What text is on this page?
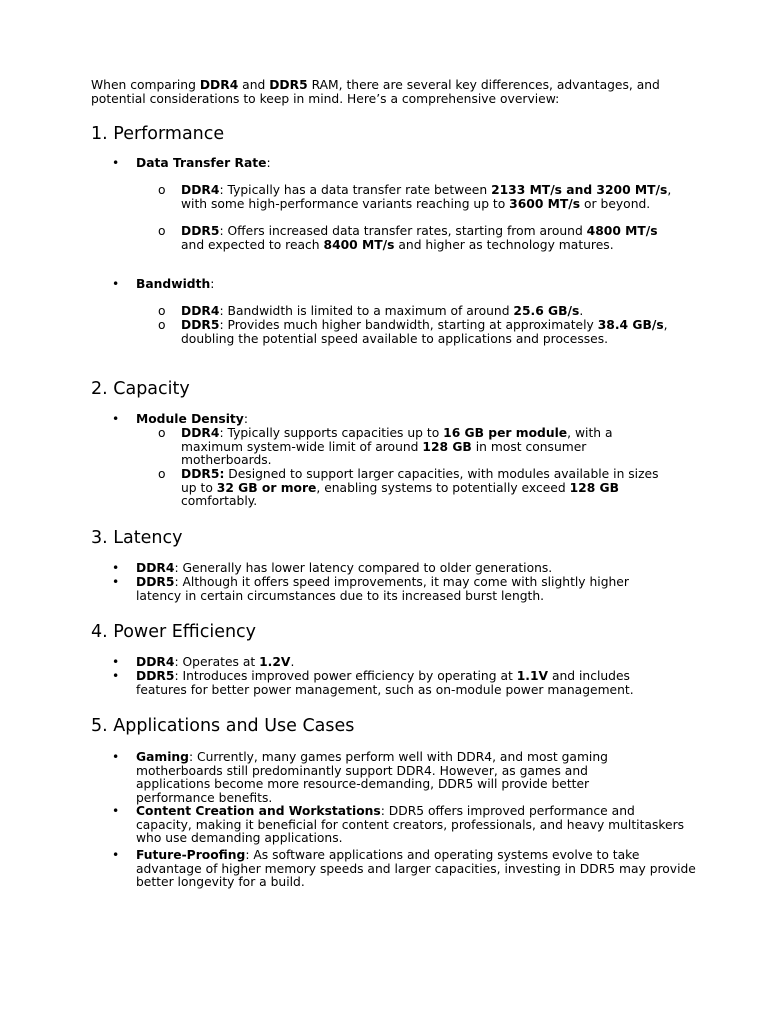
When comparing DDR4 and DDR5 RAM, there are several key differences, advantages, and potential considerations to keep in mind. Here’s a comprehensive overview:

1. Performance
• Data Transfer Rate:
o DDR4: Typically has a data transfer rate between 2133 MT/s and 3200 MT/s, with some high-performance variants reaching up to 3600 MT/s or beyond.
o DDR5: Offers increased data transfer rates, starting from around 4800 MT/s and expected to reach 8400 MT/s and higher as technology matures.
• Bandwidth:
o DDR4: Bandwidth is limited to a maximum of around 25.6 GB/s.
o DDR5: Provides much higher bandwidth, starting at approximately 38.4 GB/s, doubling the potential speed available to applications and processes.
2. Capacity
• Module Density:
o DDR4: Typically supports capacities up to 16 GB per module, with a maximum system-wide limit of around 128 GB in most consumer motherboards.
o DDR5: Designed to support larger capacities, with modules available in sizes up to 32 GB or more, enabling systems to potentially exceed 128 GB comfortably.
3. Latency
• DDR4: Generally has lower latency compared to older generations.
• DDR5: Although it offers speed improvements, it may come with slightly higher latency in certain circumstances due to its increased burst length.
4. Power Efficiency
• DDR4: Operates at 1.2V.
• DDR5: Introduces improved power efficiency by operating at 1.1V and includes features for better power management, such as on-module power management.
5. Applications and Use Cases
• Gaming: Currently, many games perform well with DDR4, and most gaming motherboards still predominantly support DDR4. However, as games and applications become more resource-demanding, DDR5 will provide better performance benefits.
• Content Creation and Workstations: DDR5 offers improved performance and capacity, making it beneficial for content creators, professionals, and heavy multitaskers who use demanding applications.
• Future-Proofing: As software applications and operating systems evolve to take advantage of higher memory speeds and larger capacities, investing in DDR5 may provide better longevity for a build.
